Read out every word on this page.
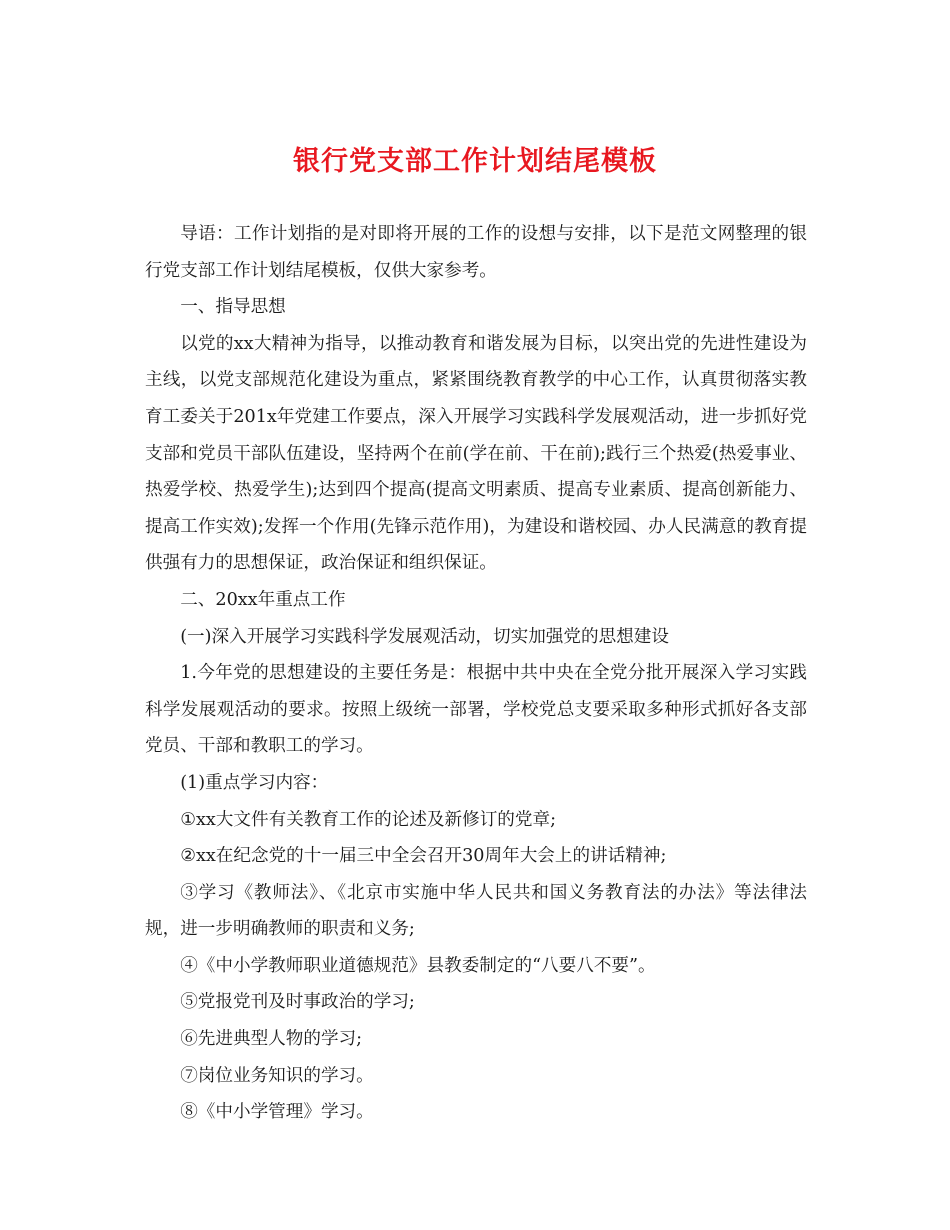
银行党支部工作计划结尾模板

导语：工作计划指的是对即将开展的工作的设想与安排，以下是范文网整理的银行党支部工作计划结尾模板，仅供大家参考。

一、指导思想

以党的xx大精神为指导，以推动教育和谐发展为目标，以突出党的先进性建设为主线，以党支部规范化建设为重点，紧紧围绕教育教学的中心工作，认真贯彻落实教育工委关于201x年党建工作要点，深入开展学习实践科学发展观活动，进一步抓好党支部和党员干部队伍建设，坚持两个在前(学在前、干在前);践行三个热爱(热爱事业、热爱学校、热爱学生);达到四个提高(提高文明素质、提高专业素质、提高创新能力、提高工作实效);发挥一个作用(先锋示范作用)，为建设和谐校园、办人民满意的教育提供强有力的思想保证，政治保证和组织保证。

二、20xx年重点工作

(一)深入开展学习实践科学发展观活动，切实加强党的思想建设

1.今年党的思想建设的主要任务是：根据中共中央在全党分批开展深入学习实践科学发展观活动的要求。按照上级统一部署，学校党总支要采取多种形式抓好各支部党员、干部和教职工的学习。

(1)重点学习内容：

①xx大文件有关教育工作的论述及新修订的党章;

②xx在纪念党的十一届三中全会召开30周年大会上的讲话精神;

③学习《教师法》、《北京市实施中华人民共和国义务教育法的办法》等法律法规，进一步明确教师的职责和义务;

④《中小学教师职业道德规范》县教委制定的“八要八不要”。

⑤党报党刊及时事政治的学习;

⑥先进典型人物的学习;

⑦岗位业务知识的学习。

⑧《中小学管理》学习。
